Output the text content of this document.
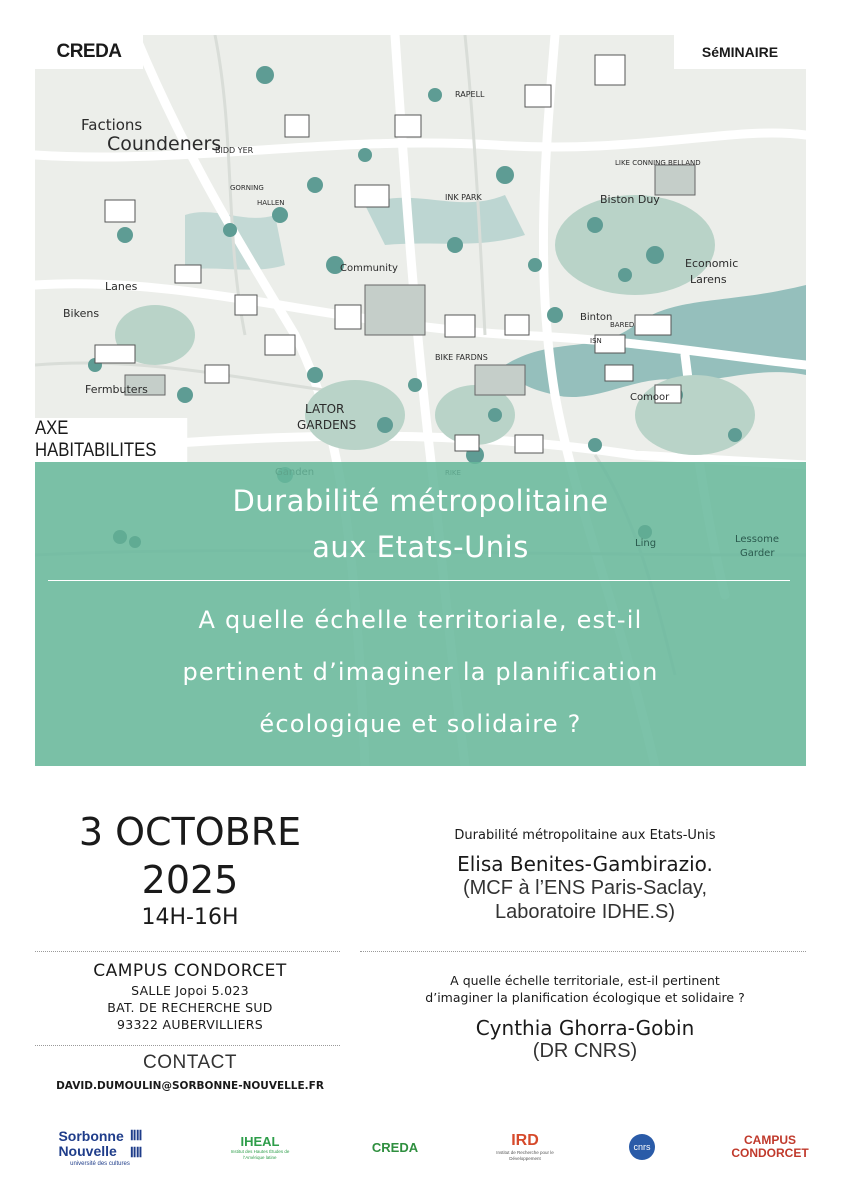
Factions
Coundeners
Biston Duy
Economic
Larens
Bikens
Lanes
Fermbuters
LATOR
GARDENS
Community
Binton
Comoor
RAPELL
INK PARK
BIKE FARDNS
BIDD YER
LIKE CONNING BELLAND
ISN
BARED
GORNING
HALLEN
CREDA	SéMINAIRE
AXE HABITABILITES
Lessome
Garder
Ling
Durabilité métropolitaine
aux Etats-Unis
A quelle échelle territoriale, est-il
pertinent d’imaginer la planification
écologique et solidaire ?
3 OCTOBRE
2025
14H-16H
CAMPUS CONDORCET
SALLE Jopoi 5.023
BAT. DE RECHERCHE SUD
93322 AUBERVILLIERS
CONTACT
DAVID.DUMOULIN@SORBONNE-NOUVELLE.FR
Durabilité métropolitaine aux Etats-Unis
Elisa Benites-Gambirazio.
(MCF à l’ENS Paris-Saclay,
Laboratoire IDHE.S)
A quelle échelle territoriale, est-il pertinent
d’imaginer la planification écologique et solidaire ?
Cynthia Ghorra-Gobin
(DR CNRS)
Sorbonne
Nouvelle
ⅡⅡ
ⅡⅡ
université des cultures
IHEAL
Institut des Hautes Études de l'Amérique latine
CREDA	IRD
Institut de Recherche pour le Développement
cnrs	CAMPUS
CONDORCET
